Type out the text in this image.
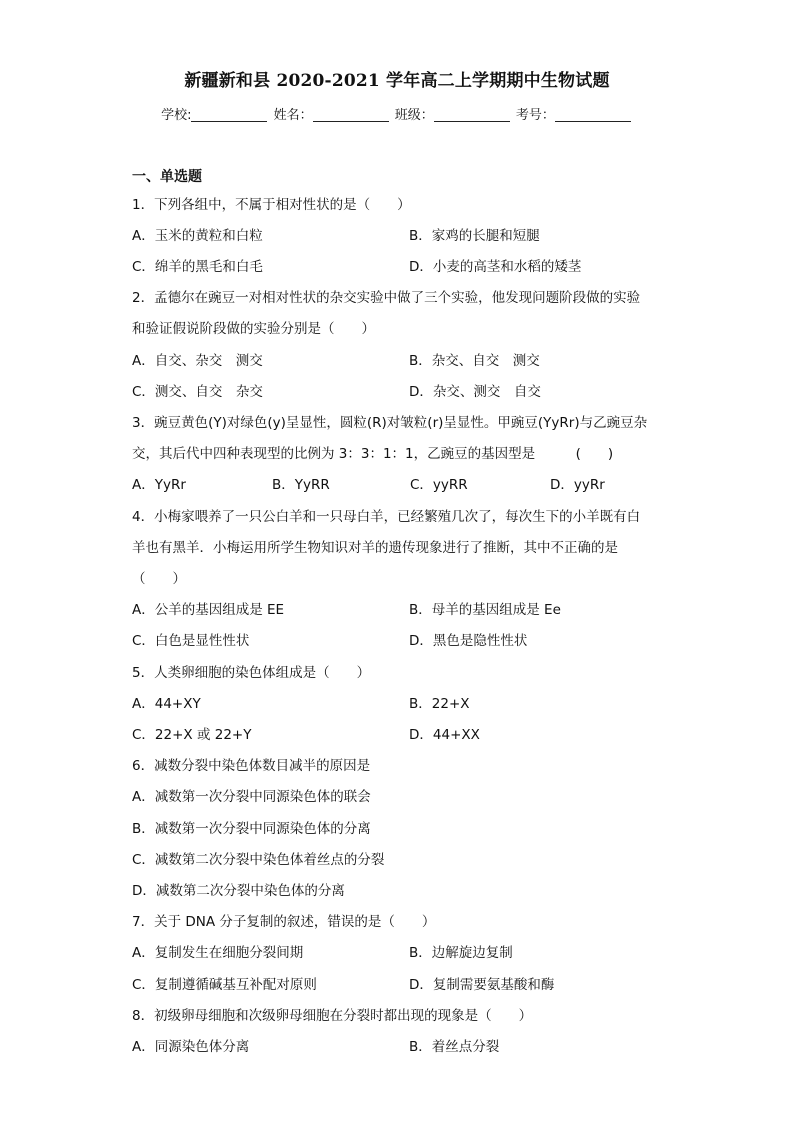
新疆新和县 2020-2021 学年高二上学期期中生物试题
学校:	姓名：	班级：	考号：
一、单选题
1．下列各组中，不属于相对性状的是（　　）
A．玉米的黄粒和白粒	B．家鸡的长腿和短腿
C．绵羊的黑毛和白毛	D．小麦的高茎和水稻的矮茎
2．孟德尔在豌豆一对相对性状的杂交实验中做了三个实验，他发现问题阶段做的实验
和验证假说阶段做的实验分别是（　　）
A．自交、杂交　测交	B．杂交、自交　测交
C．测交、自交　杂交	D．杂交、测交　自交
3．豌豆黄色(Y)对绿色(y)呈显性，圆粒(R)对皱粒(r)呈显性。甲豌豆(YyRr)与乙豌豆杂
交，其后代中四种表现型的比例为 3：3：1：1，乙豌豆的基因型是　　　(　　)
A．YyRr	B．YyRR	C．yyRR	D．yyRr
4．小梅家喂养了一只公白羊和一只母白羊，已经繁殖几次了，每次生下的小羊既有白
羊也有黑羊．小梅运用所学生物知识对羊的遗传现象进行了推断，其中不正确的是
（　　）
A．公羊的基因组成是 EE	B．母羊的基因组成是 Ee
C．白色是显性性状	D．黑色是隐性性状
5．人类卵细胞的染色体组成是（　　）
A．44+XY	B．22+X
C．22+X 或 22+Y	D．44+XX
6．减数分裂中染色体数目减半的原因是
A．减数第一次分裂中同源染色体的联会
B．减数第一次分裂中同源染色体的分离
C．减数第二次分裂中染色体着丝点的分裂
D．减数第二次分裂中染色体的分离
7．关于 DNA 分子复制的叙述，错误的是（　　）
A．复制发生在细胞分裂间期	B．边解旋边复制
C．复制遵循碱基互补配对原则	D．复制需要氨基酸和酶
8．初级卵母细胞和次级卵母细胞在分裂时都出现的现象是（　　）
A．同源染色体分离	B．着丝点分裂
